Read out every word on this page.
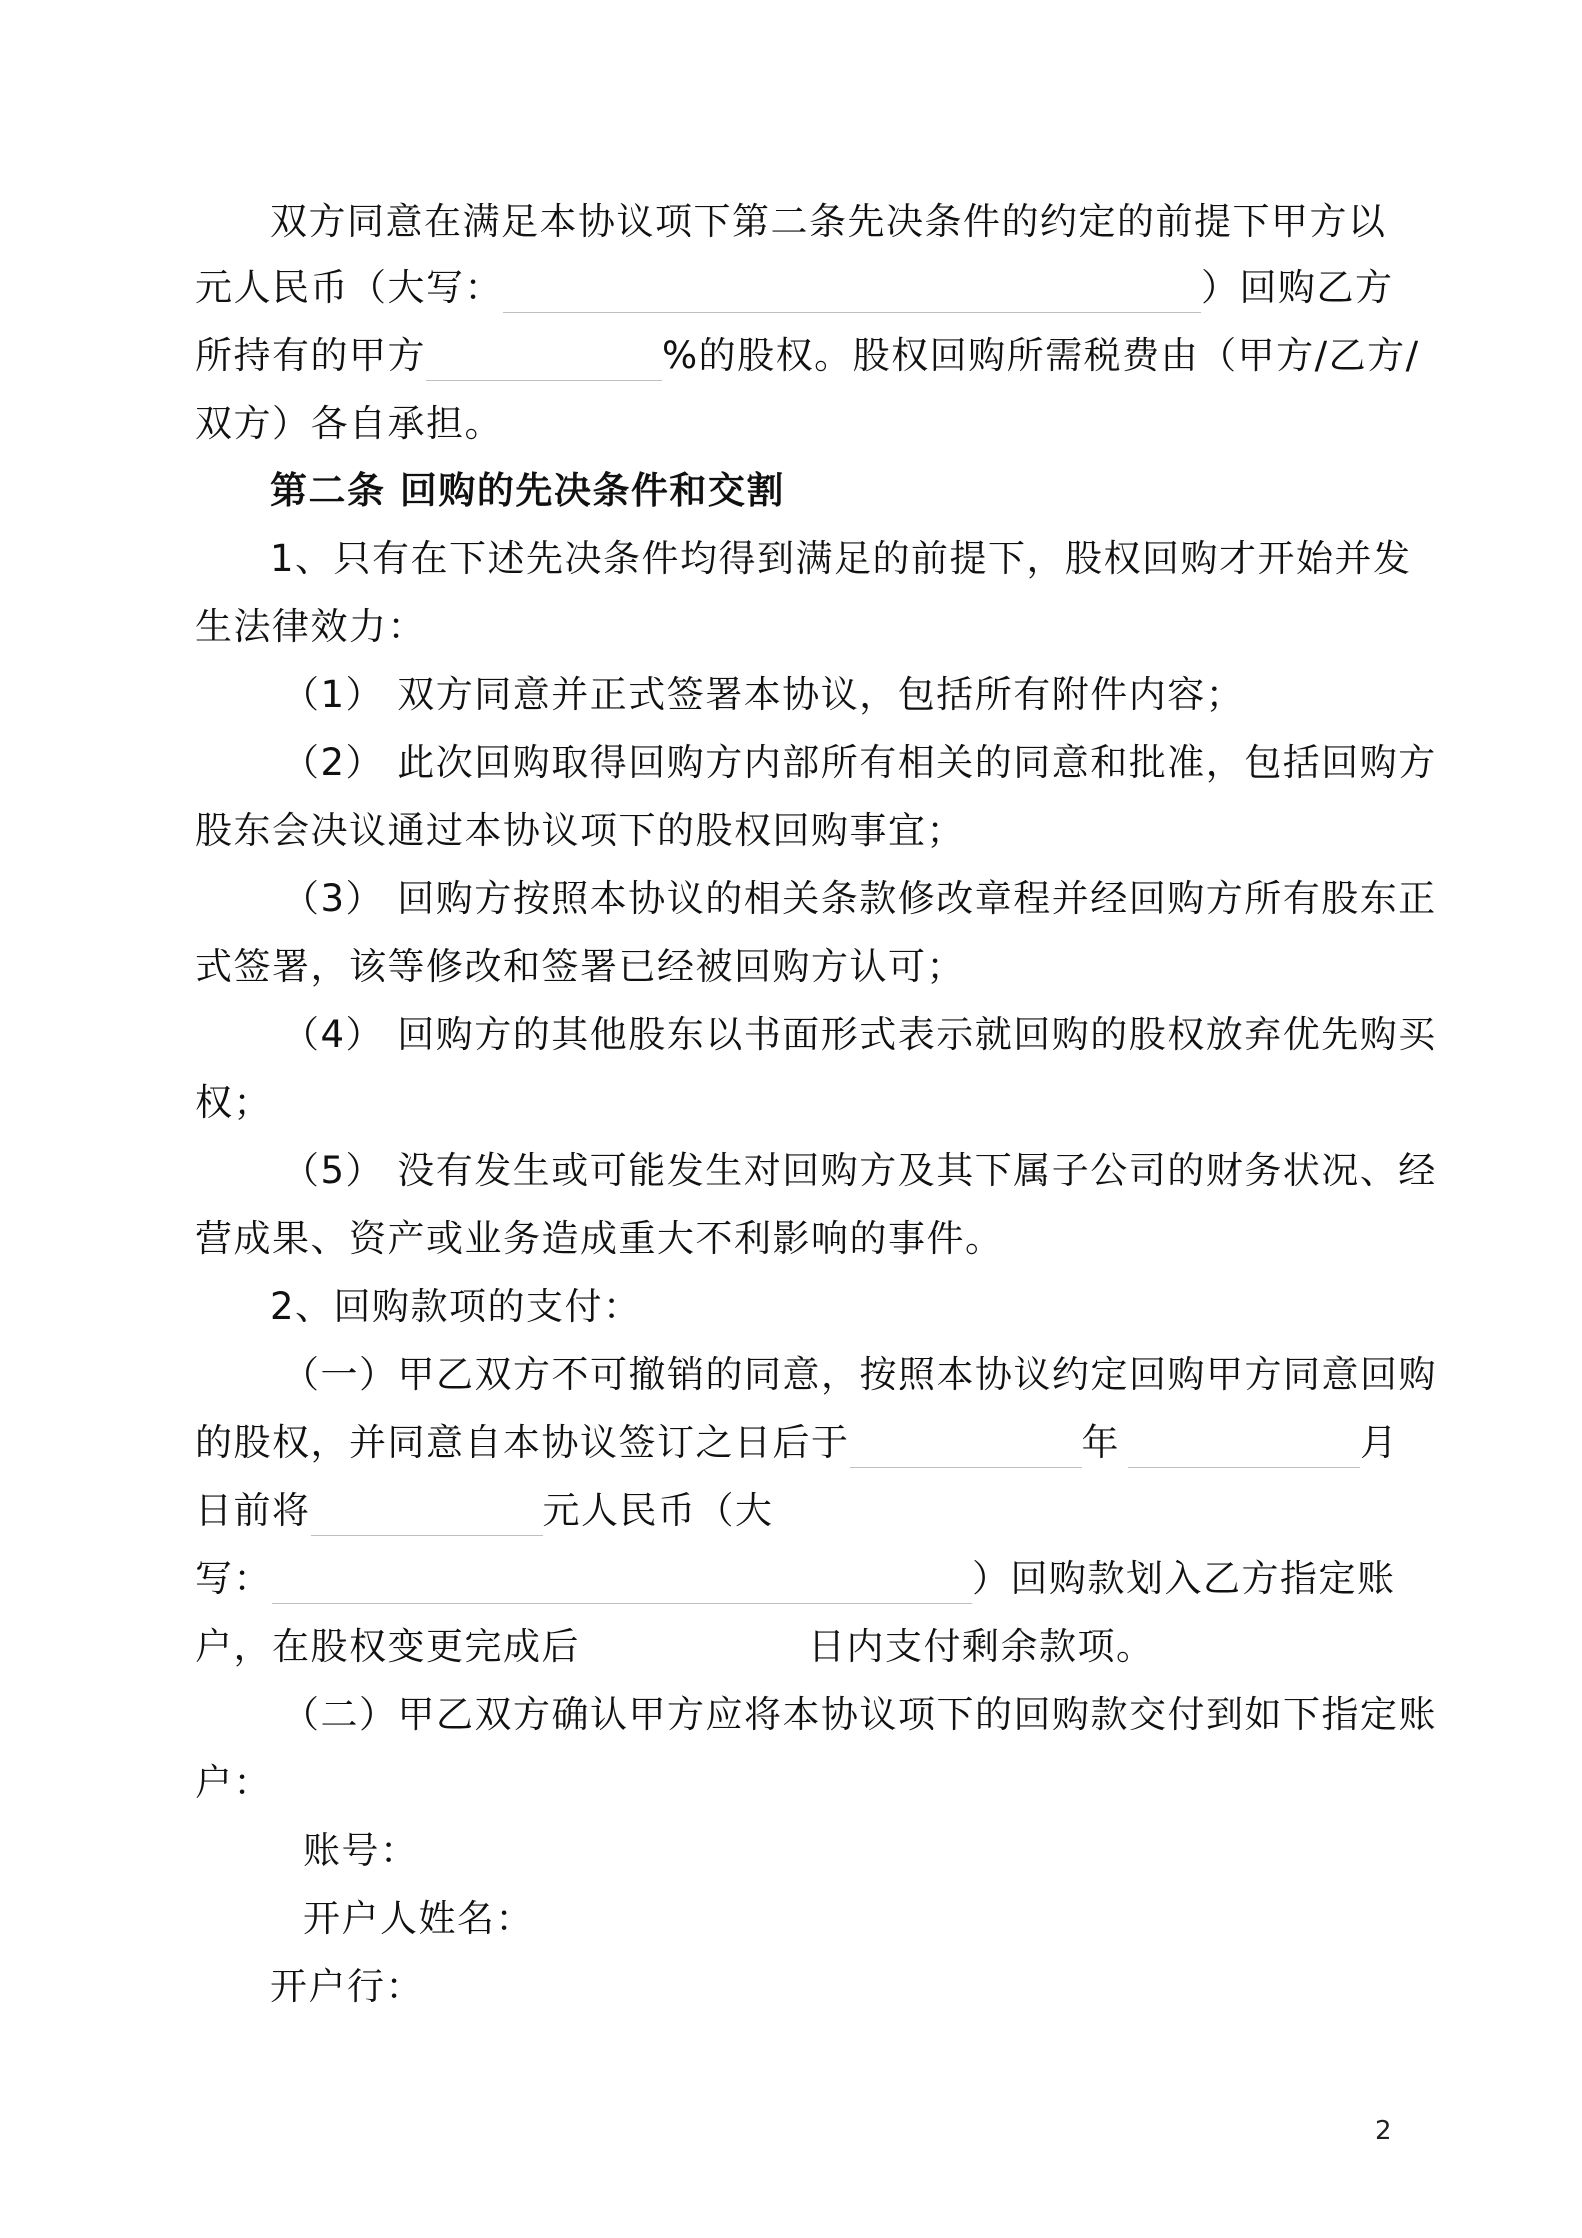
双方同意在满足本协议项下第二条先决条件的约定的前提下甲方以
元人民币（大写：	）回购乙方
所持有的甲方	%的股权。股权回购所需税费由（甲方/乙方/
双方）各自承担。
第二条 回购的先决条件和交割
1、只有在下述先决条件均得到满足的前提下，股权回购才开始并发
生法律效力：
（1） 双方同意并正式签署本协议，包括所有附件内容；
（2） 此次回购取得回购方内部所有相关的同意和批准，包括回购方
股东会决议通过本协议项下的股权回购事宜；
（3） 回购方按照本协议的相关条款修改章程并经回购方所有股东正
式签署，该等修改和签署已经被回购方认可；
（4） 回购方的其他股东以书面形式表示就回购的股权放弃优先购买
权；
（5） 没有发生或可能发生对回购方及其下属子公司的财务状况、经
营成果、资产或业务造成重大不利影响的事件。
2、回购款项的支付：
（一）甲乙双方不可撤销的同意，按照本协议约定回购甲方同意回购
的股权，并同意自本协议签订之日后于	年	月
日前将	元人民币（大
写：	）回购款划入乙方指定账
户，在股权变更完成后	日内支付剩余款项。
（二）甲乙双方确认甲方应将本协议项下的回购款交付到如下指定账
户：
账号：
开户人姓名：
开户行：
2
